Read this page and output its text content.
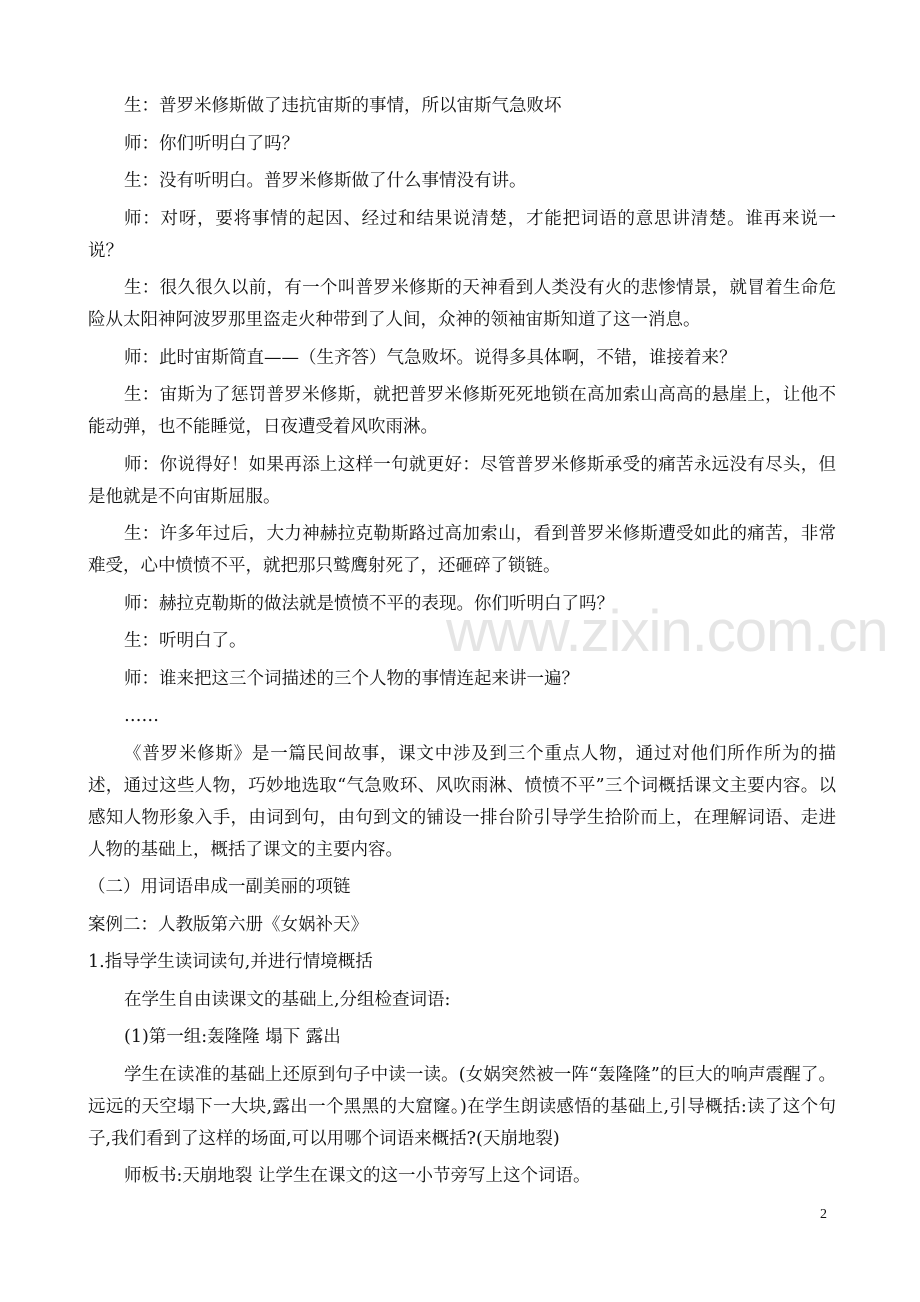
生：普罗米修斯做了违抗宙斯的事情，所以宙斯气急败坏

师：你们听明白了吗？

生：没有听明白。普罗米修斯做了什么事情没有讲。

师：对呀，要将事情的起因、经过和结果说清楚，才能把词语的意思讲清楚。谁再来说一说？

生：很久很久以前，有一个叫普罗米修斯的天神看到人类没有火的悲惨情景，就冒着生命危险从太阳神阿波罗那里盗走火种带到了人间，众神的领袖宙斯知道了这一消息。

师：此时宙斯简直——（生齐答）气急败坏。说得多具体啊，不错，谁接着来？

生：宙斯为了惩罚普罗米修斯，就把普罗米修斯死死地锁在高加索山高高的悬崖上，让他不能动弹，也不能睡觉，日夜遭受着风吹雨淋。

师：你说得好！如果再添上这样一句就更好：尽管普罗米修斯承受的痛苦永远没有尽头，但是他就是不向宙斯屈服。

生：许多年过后，大力神赫拉克勒斯路过高加索山，看到普罗米修斯遭受如此的痛苦，非常难受，心中愤愤不平，就把那只鹫鹰射死了，还砸碎了锁链。

师：赫拉克勒斯的做法就是愤愤不平的表现。你们听明白了吗？

生：听明白了。

师：谁来把这三个词描述的三个人物的事情连起来讲一遍？

……

《普罗米修斯》是一篇民间故事，课文中涉及到三个重点人物，通过对他们所作所为的描述，通过这些人物，巧妙地选取“气急败环、风吹雨淋、愤愤不平”三个词概括课文主要内容。以感知人物形象入手，由词到句，由句到文的铺设一排台阶引导学生拾阶而上，在理解词语、走进人物的基础上，概括了课文的主要内容。

（二）用词语串成一副美丽的项链

案例二：人教版第六册《女娲补天》

1.指导学生读词读句,并进行情境概括

在学生自由读课文的基础上,分组检查词语:

(1)第一组:轰隆隆 塌下 露出

学生在读准的基础上还原到句子中读一读。(女娲突然被一阵“轰隆隆”的巨大的响声震醒了。远远的天空塌下一大块,露出一个黑黑的大窟窿。)在学生朗读感悟的基础上,引导概括:读了这个句子,我们看到了这样的场面,可以用哪个词语来概括?(天崩地裂)

师板书:天崩地裂 让学生在课文的这一小节旁写上这个词语。

www.zixin.com.cn
2
